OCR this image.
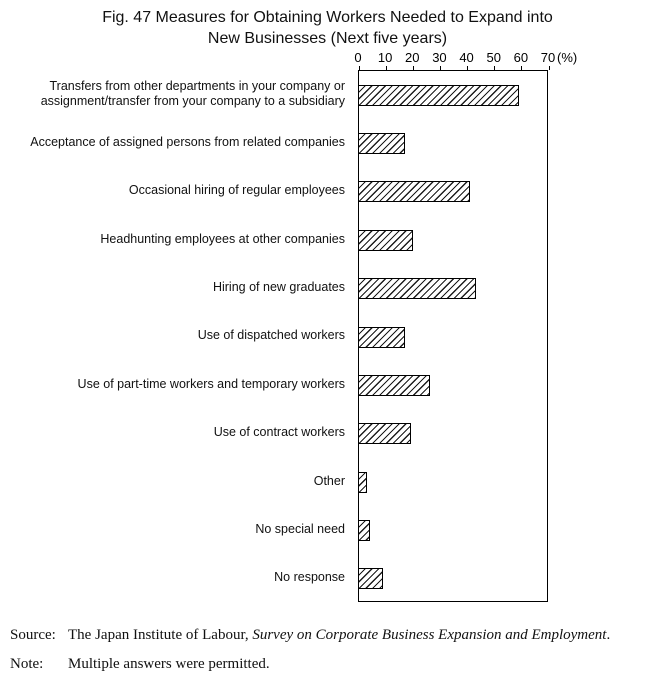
Fig. 47 Measures for Obtaining Workers Needed to Expand into
New Businesses (Next five years)
0 10 20 30 40 50 60 70 (%)
Transfers from other departments in your company or assignment/transfer from your company to a subsidiary
Acceptance of assigned persons from related companies
Occasional hiring of regular employees
Headhunting employees at other companies
Hiring of new graduates
Use of dispatched workers
Use of part-time workers and temporary workers
Use of contract workers
Other
No special need
No response
Source: The Japan Institute of Labour, Survey on Corporate Business Expansion and Employment.
Note: Multiple answers were permitted.
